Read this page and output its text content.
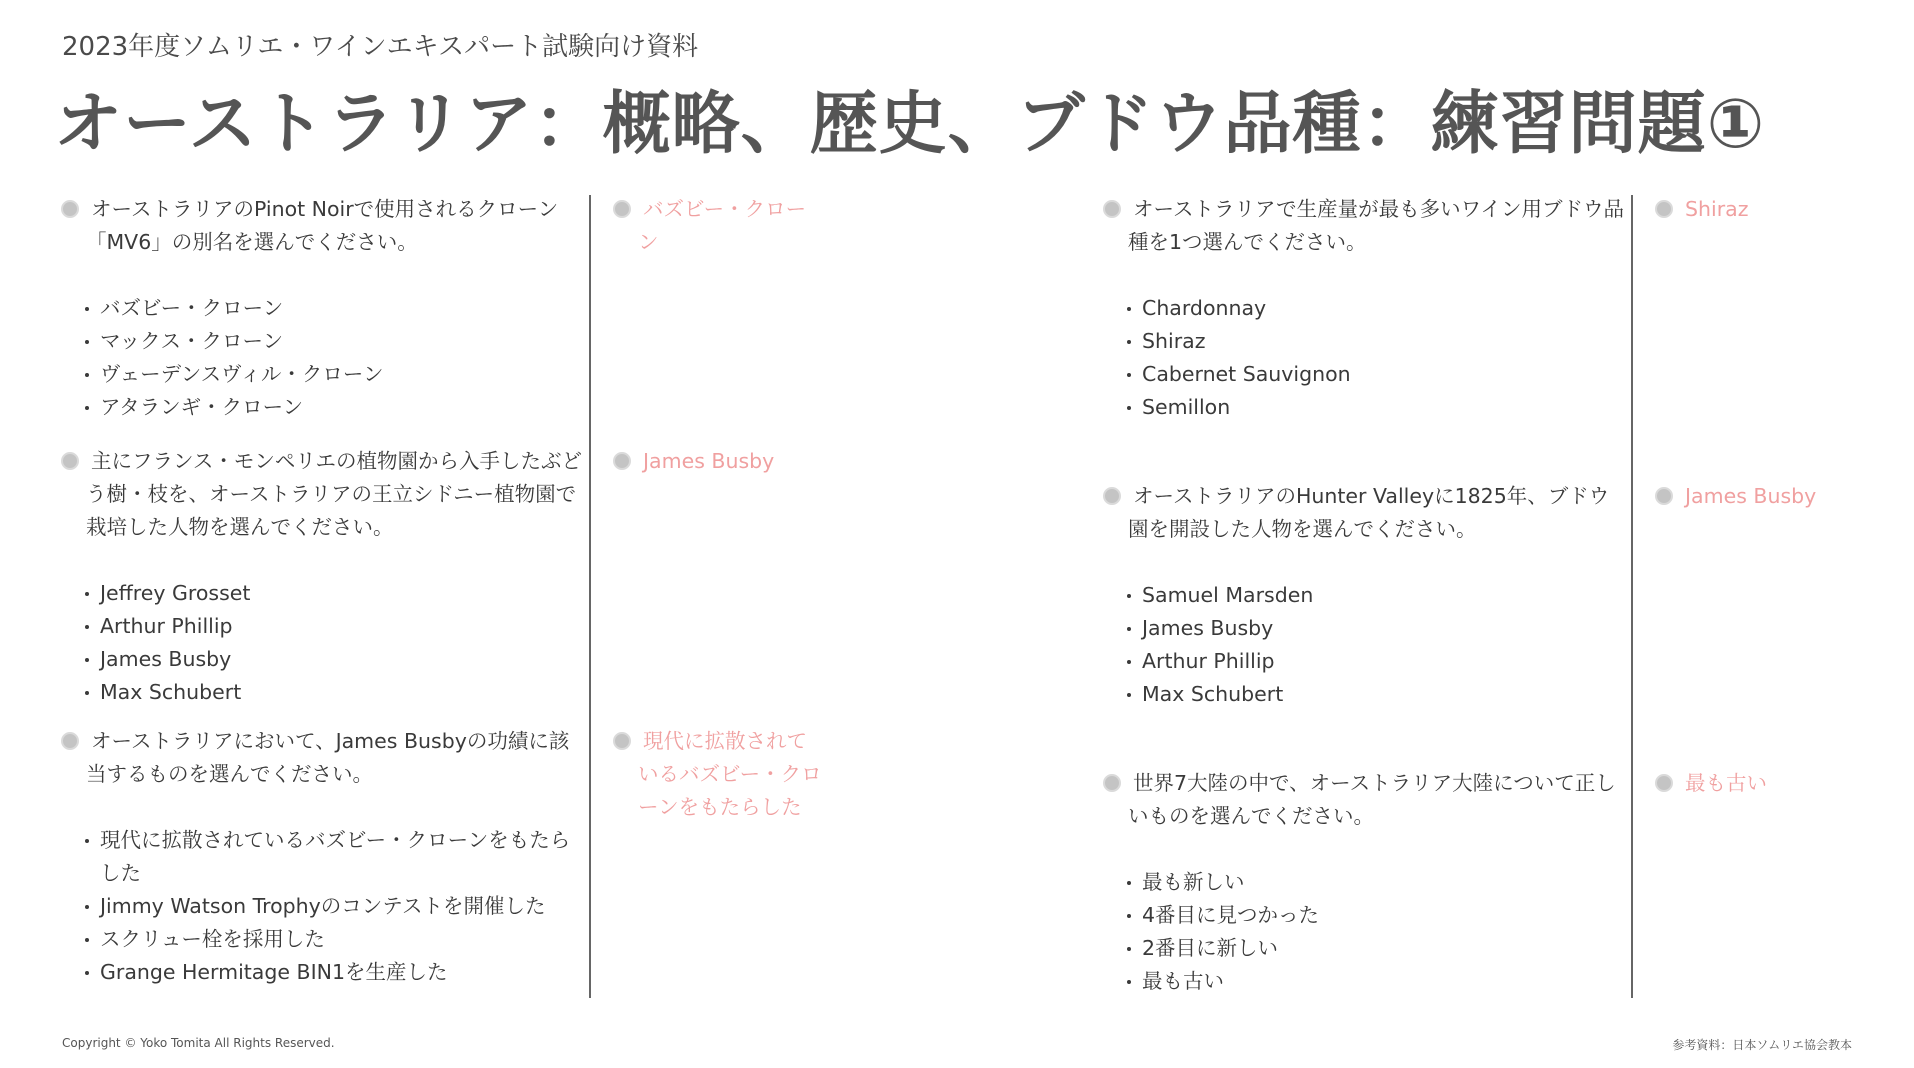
2023年度ソムリエ・ワインエキスパート試験向け資料
オーストラリア：概略、歴史、ブドウ品種：練習問題①
オーストラリアのPinot Noirで使用されるクローン「MV6」の別名を選んでください。
バズビー・クローン
マックス・クローン
ヴェーデンスヴィル・クローン
アタランギ・クローン
バズビー・クローン
主にフランス・モンペリエの植物園から入手したぶどう樹・枝を、オーストラリアの王立シドニー植物園で栽培した人物を選んでください。
Jeffrey Grosset
Arthur Phillip
James Busby
Max Schubert
James Busby
オーストラリアにおいて、James Busbyの功績に該当するものを選んでください。
現代に拡散されているバズビー・クローンをもたらした
Jimmy Watson Trophyのコンテストを開催した
スクリュー栓を採用した
Grange Hermitage BIN1を生産した
現代に拡散されているバズビー・クローンをもたらした
オーストラリアで生産量が最も多いワイン用ブドウ品種を1つ選んでください。
Chardonnay
Shiraz
Cabernet Sauvignon
Semillon
Shiraz
オーストラリアのHunter Valleyに1825年、ブドウ園を開設した人物を選んでください。
Samuel Marsden
James Busby
Arthur Phillip
Max Schubert
James Busby
世界7大陸の中で、オーストラリア大陸について正しいものを選んでください。
最も新しい
4番目に見つかった
2番目に新しい
最も古い
最も古い
Copyright © Yoko Tomita All Rights Reserved.	参考資料：日本ソムリエ協会教本
